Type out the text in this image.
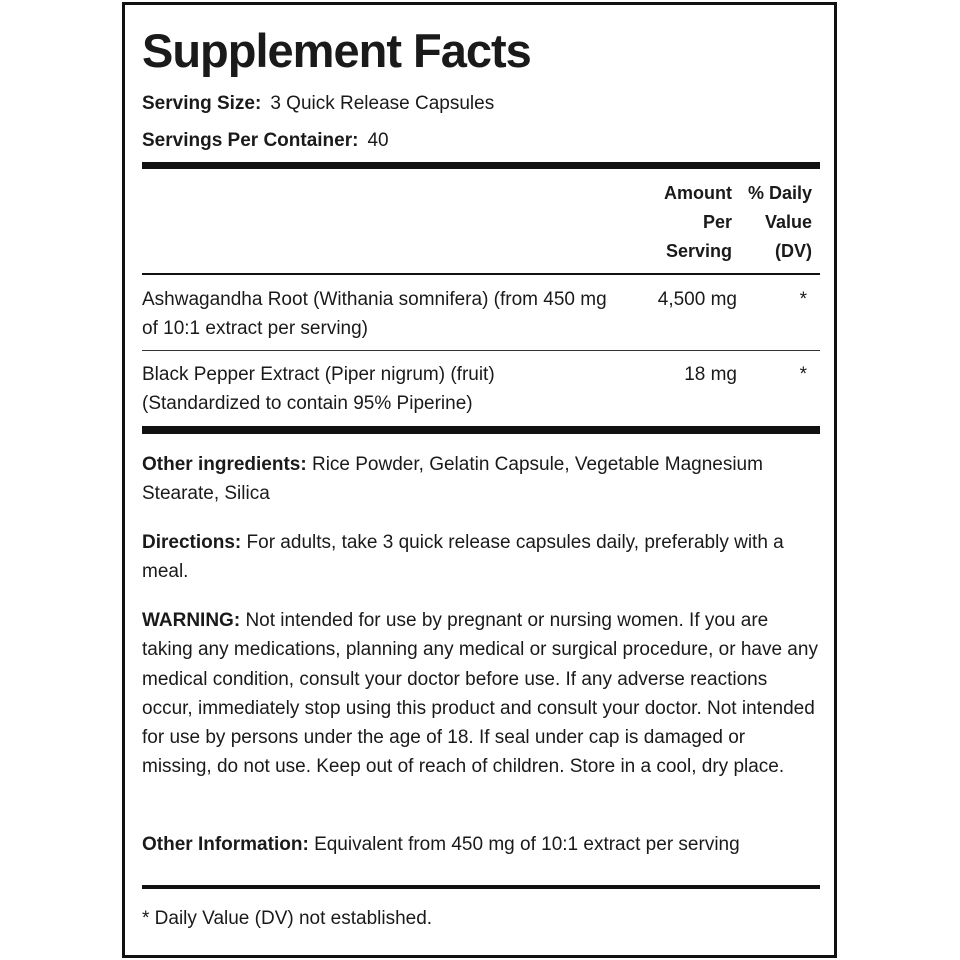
Supplement Facts
Serving Size: 3 Quick Release Capsules
Servings Per Container: 40
Amount
Per
Serving
% Daily
Value
(DV)
Ashwagandha Root (Withania somnifera) (from 450 mg
of 10:1 extract per serving)
4,500 mg	*
Black Pepper Extract (Piper nigrum) (fruit)
(Standardized to contain 95% Piperine)
18 mg	*

Other ingredients: Rice Powder, Gelatin Capsule, Vegetable Magnesium Stearate, Silica

Directions: For adults, take 3 quick release capsules daily, preferably with a meal.

WARNING: Not intended for use by pregnant or nursing women. If you are taking any medications, planning any medical or surgical procedure, or have any medical condition, consult your doctor before use. If any adverse reactions occur, immediately stop using this product and consult your doctor. Not intended for use by persons under the age of 18. If seal under cap is damaged or missing, do not use. Keep out of reach of children. Store in a cool, dry place.

Other Information: Equivalent from 450 mg of 10:1 extract per serving

* Daily Value (DV) not established.
